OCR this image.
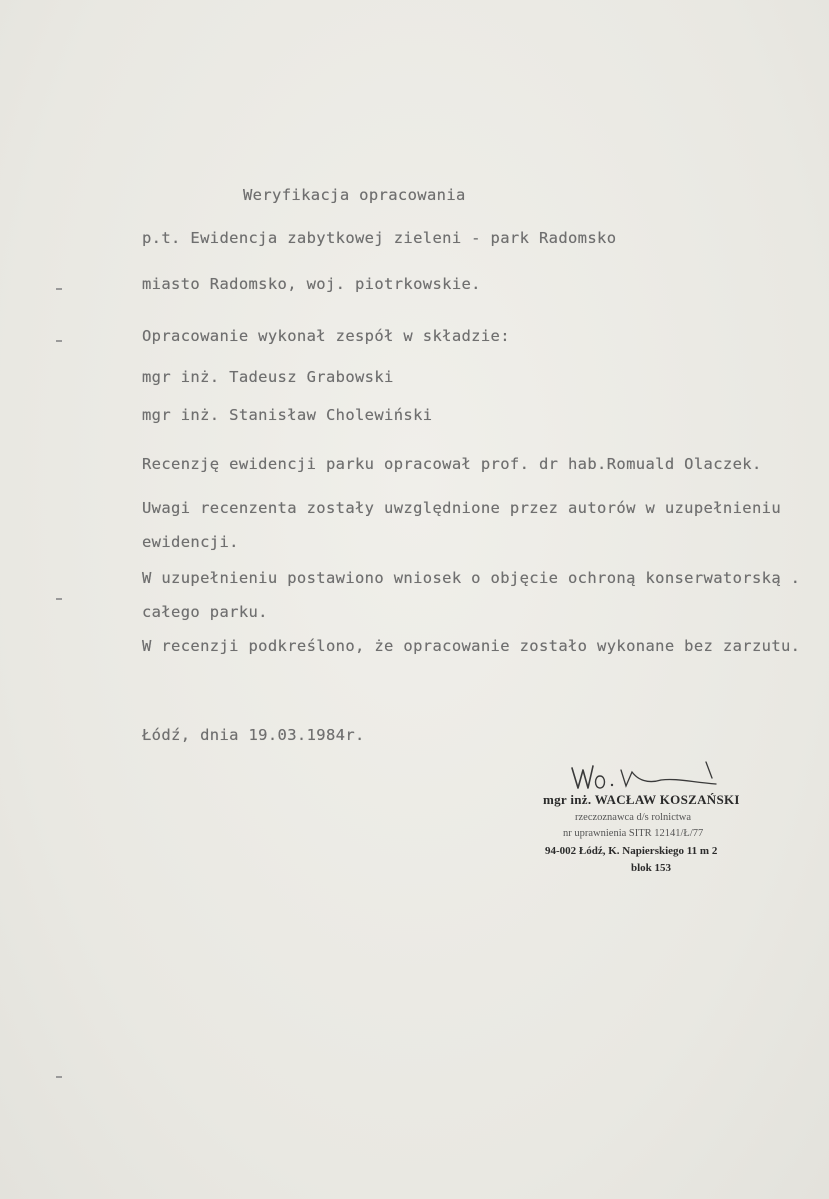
Weryfikacja opracowania
p.t. Ewidencja zabytkowej zieleni - park Radomsko
miasto Radomsko, woj. piotrkowskie.
Opracowanie wykonał zespół w składzie:
mgr inż. Tadeusz Grabowski
mgr inż. Stanisław Cholewiński
Recenzję ewidencji parku opracował prof. dr hab.Romuald Olaczek.
Uwagi recenzenta zostały uwzględnione przez autorów w uzupełnieniu
ewidencji.
W uzupełnieniu postawiono wniosek o objęcie ochroną konserwatorską .
całego parku.
W recenzji podkreślono, że opracowanie zostało wykonane bez zarzutu.
Łódź, dnia 19.03.1984r.
mgr inż. WACŁAW KOSZAŃSKI
rzeczoznawca d/s rolnictwa
nr uprawnienia SITR 12141/Ł/77
94-002 Łódź, K. Napierskiego 11 m 2
blok 153
